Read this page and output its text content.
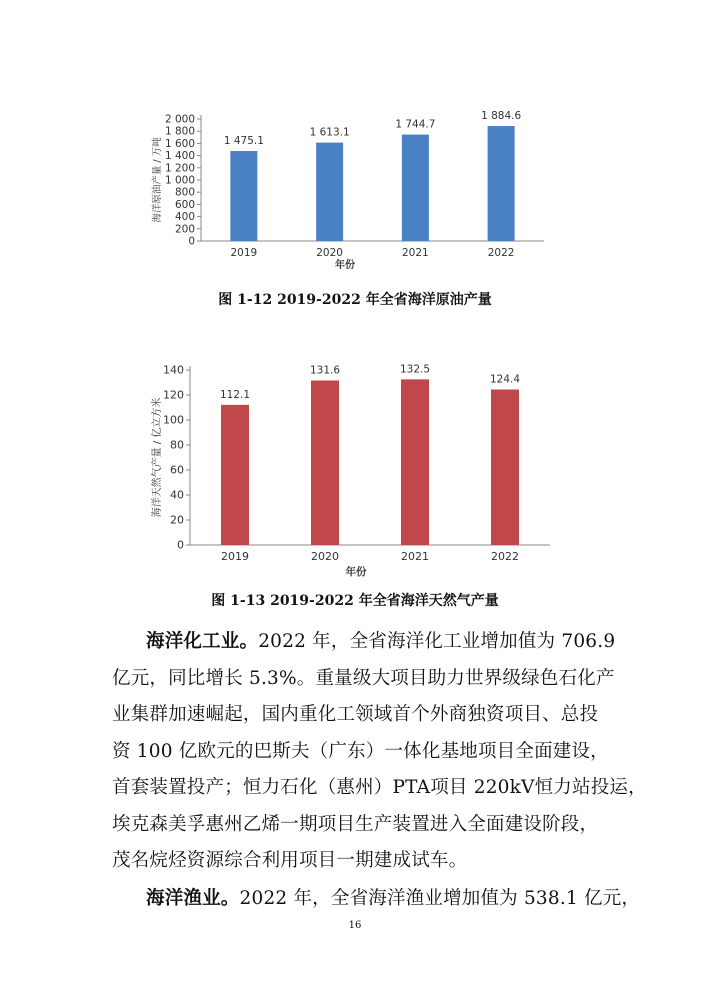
0
200
400
600
800
1 000
1 200
1 400
1 600
1 800
2 000
1 475.1
2019
1 613.1
2020
1 744.7
2021
1 884.6
2022
年份
海洋原油产量 / 万吨
图 1-12 2019-2022 年全省海洋原油产量
0
20
40
60
80
100
120
140
112.1
2019
131.6
2020
132.5
2021
124.4
2022
年份
海洋天然气产量 / 亿立方米
图 1-13 2019-2022 年全省海洋天然气产量
海洋化工业。2022 年，全省海洋化工业增加值为 706.9
亿元，同比增长 5.3%。重量级大项目助力世界级绿色石化产
业集群加速崛起，国内重化工领域首个外商独资项目、总投
资 100 亿欧元的巴斯夫（广东）一体化基地项目全面建设，
首套装置投产；恒力石化（惠州）PTA项目 220kV恒力站投运，
埃克森美孚惠州乙烯一期项目生产装置进入全面建设阶段，
茂名烷烃资源综合利用项目一期建成试车。
海洋渔业。2022 年，全省海洋渔业增加值为 538.1 亿元，
16
